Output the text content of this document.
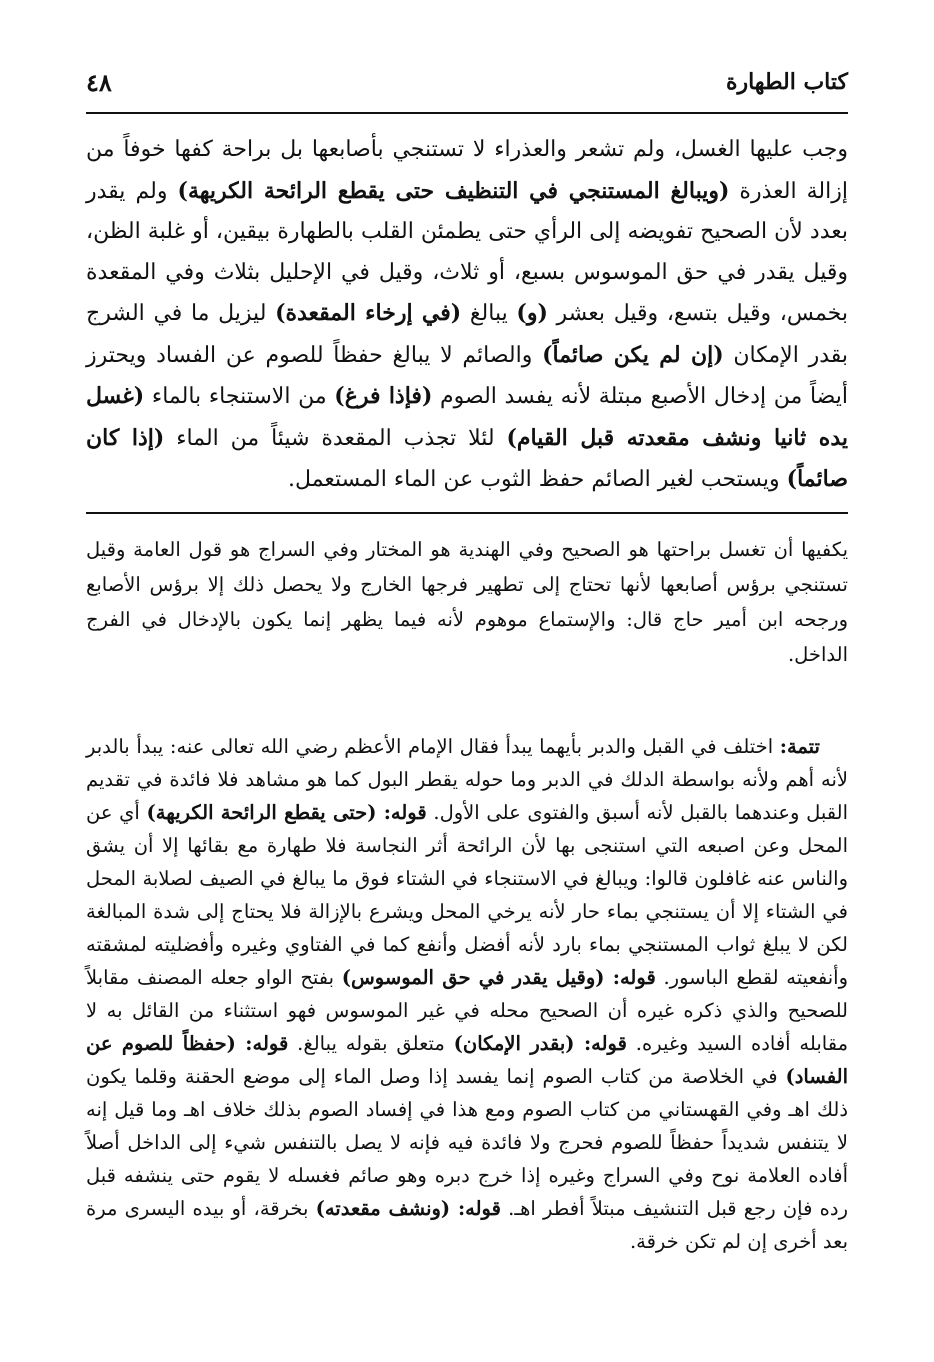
٤٨	كتاب الطهارة

وجب عليها الغسل، ولم تشعر والعذراء لا تستنجي بأصابعها بل براحة كفها خوفاً من إزالة العذرة (ويبالغ المستنجي في التنظيف حتى يقطع الرائحة الكريهة) ولم يقدر بعدد لأن الصحيح تفويضه إلى الرأي حتى يطمئن القلب بالطهارة بيقين، أو غلبة الظن، وقيل يقدر في حق الموسوس بسبع، أو ثلاث، وقيل في الإحليل بثلاث وفي المقعدة بخمس، وقيل بتسع، وقيل بعشر (و) يبالغ (في إرخاء المقعدة) ليزيل ما في الشرج بقدر الإمكان (إن لم يكن صائماً) والصائم لا يبالغ حفظاً للصوم عن الفساد ويحترز أيضاً من إدخال الأصبع مبتلة لأنه يفسد الصوم (فإذا فرغ) من الاستنجاء بالماء (غسل يده ثانيا ونشف مقعدته قبل القيام) لئلا تجذب المقعدة شيئاً من الماء (إذا كان صائماً) ويستحب لغير الصائم حفظ الثوب عن الماء المستعمل.

يكفيها أن تغسل براحتها هو الصحيح وفي الهندية هو المختار وفي السراج هو قول العامة وقيل تستنجي برؤس أصابعها لأنها تحتاج إلى تطهير فرجها الخارج ولا يحصل ذلك إلا برؤس الأصابع ورجحه ابن أمير حاج قال: والإستماع موهوم لأنه فيما يظهر إنما يكون بالإدخال في الفرج الداخل.

تتمة: اختلف في القبل والدبر بأيهما يبدأ فقال الإمام الأعظم رضي الله تعالى عنه: يبدأ بالدبر لأنه أهم ولأنه بواسطة الدلك في الدبر وما حوله يقطر البول كما هو مشاهد فلا فائدة في تقديم القبل وعندهما بالقبل لأنه أسبق والفتوى على الأول. قوله: (حتى يقطع الرائحة الكريهة) أي عن المحل وعن اصبعه التي استنجى بها لأن الرائحة أثر النجاسة فلا طهارة مع بقائها إلا أن يشق والناس عنه غافلون قالوا: ويبالغ في الاستنجاء في الشتاء فوق ما يبالغ في الصيف لصلابة المحل في الشتاء إلا أن يستنجي بماء حار لأنه يرخي المحل ويشرع بالإزالة فلا يحتاج إلى شدة المبالغة لكن لا يبلغ ثواب المستنجي بماء بارد لأنه أفضل وأنفع كما في الفتاوي وغيره وأفضليته لمشقته وأنفعيته لقطع الباسور. قوله: (وقيل يقدر في حق الموسوس) بفتح الواو جعله المصنف مقابلاً للصحيح والذي ذكره غيره أن الصحيح محله في غير الموسوس فهو استثناء من القائل به لا مقابله أفاده السيد وغيره. قوله: (بقدر الإمكان) متعلق بقوله يبالغ. قوله: (حفظاً للصوم عن الفساد) في الخلاصة من كتاب الصوم إنما يفسد إذا وصل الماء إلى موضع الحقنة وقلما يكون ذلك اهـ وفي القهستاني من كتاب الصوم ومع هذا في إفساد الصوم بذلك خلاف اهـ وما قيل إنه لا يتنفس شديداً حفظاً للصوم فحرج ولا فائدة فيه فإنه لا يصل بالتنفس شيء إلى الداخل أصلاً أفاده العلامة نوح وفي السراج وغيره إذا خرج دبره وهو صائم فغسله لا يقوم حتى ينشفه قبل رده فإن رجع قبل التنشيف مبتلاً أفطر اهـ. قوله: (ونشف مقعدته) بخرقة، أو بيده اليسرى مرة بعد أخرى إن لم تكن خرقة.
